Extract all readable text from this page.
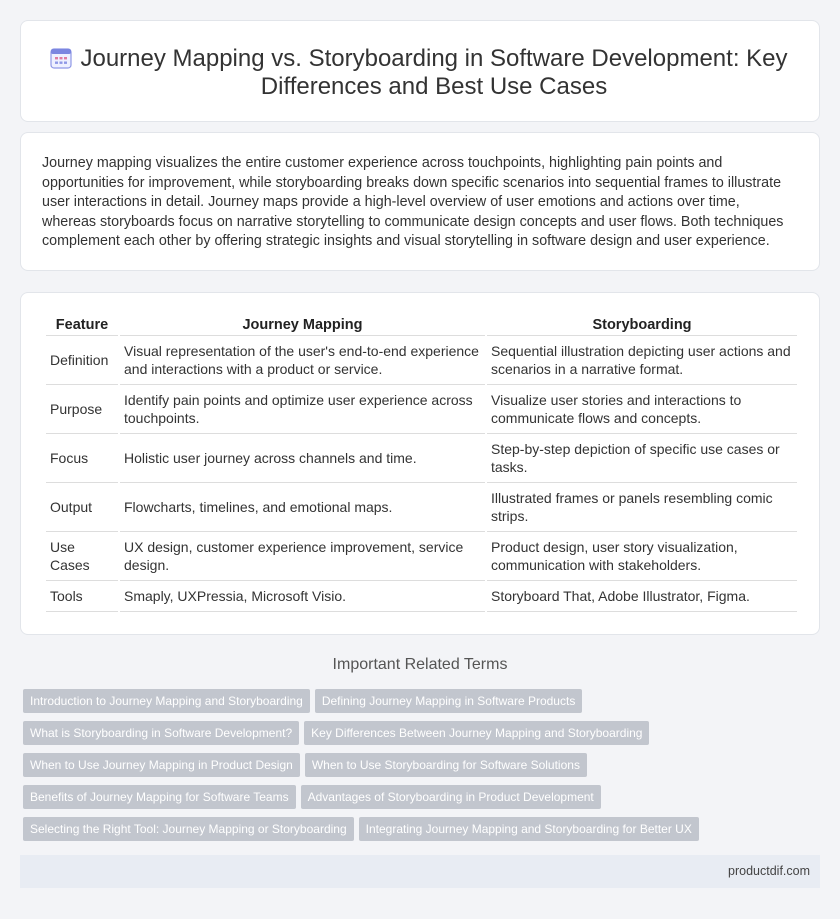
Journey Mapping vs. Storyboarding in Software Development: Key Differences and Best Use Cases

Journey mapping visualizes the entire customer experience across touchpoints, highlighting pain points and opportunities for improvement, while storyboarding breaks down specific scenarios into sequential frames to illustrate user interactions in detail. Journey maps provide a high-level overview of user emotions and actions over time, whereas storyboards focus on narrative storytelling to communicate design concepts and user flows. Both techniques complement each other by offering strategic insights and visual storytelling in software design and user experience.

Feature	Journey Mapping	Storyboarding
Definition	Visual representation of the user's end-to-end experience and interactions with a product or service.	Sequential illustration depicting user actions and scenarios in a narrative format.
Purpose	Identify pain points and optimize user experience across touchpoints.	Visualize user stories and interactions to communicate flows and concepts.
Focus	Holistic user journey across channels and time.	Step-by-step depiction of specific use cases or tasks.
Output	Flowcharts, timelines, and emotional maps.	Illustrated frames or panels resembling comic strips.
Use Cases	UX design, customer experience improvement, service design.	Product design, user story visualization, communication with stakeholders.
Tools	Smaply, UXPressia, Microsoft Visio.	Storyboard That, Adobe Illustrator, Figma.
Important Related Terms
Introduction to Journey Mapping and Storyboarding Defining Journey Mapping in Software Products
What is Storyboarding in Software Development? Key Differences Between Journey Mapping and Storyboarding
When to Use Journey Mapping in Product Design When to Use Storyboarding for Software Solutions
Benefits of Journey Mapping for Software Teams Advantages of Storyboarding in Product Development
Selecting the Right Tool: Journey Mapping or Storyboarding Integrating Journey Mapping and Storyboarding for Better UX
productdif.com
